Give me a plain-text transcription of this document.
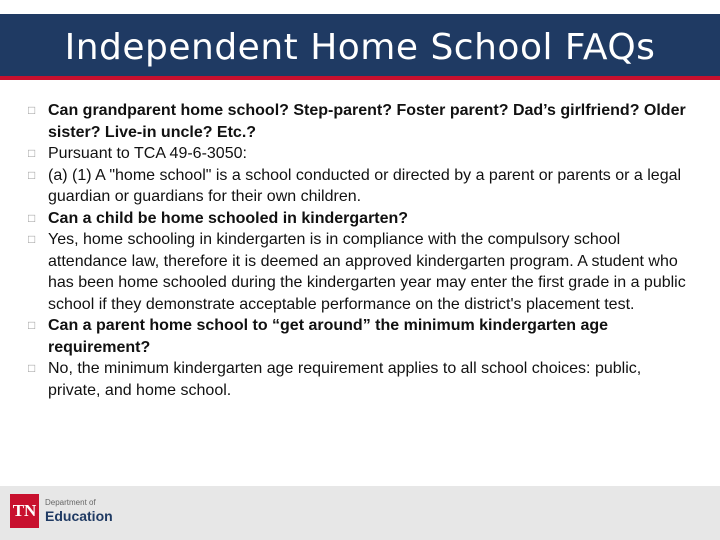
Independent Home School FAQs
□ Can grandparent home school? Step-parent? Foster parent? Dad’s girlfriend? Older sister? Live-in uncle? Etc.?
□ Pursuant to TCA 49-6-3050:
□ (a) (1) A "home school" is a school conducted or directed by a parent or parents or a legal guardian or guardians for their own children.
□ Can a child be home schooled in kindergarten?
□ Yes, home schooling in kindergarten is in compliance with the compulsory school attendance law, therefore it is deemed an approved kindergarten program. A student who has been home schooled during the kindergarten year may enter the first grade in a public school if they demonstrate acceptable performance on the district's placement test.
□ Can a parent home school to “get around” the minimum kindergarten age requirement?
□ No, the minimum kindergarten age requirement applies to all school choices: public, private, and home school.
TN	Department of
Education
